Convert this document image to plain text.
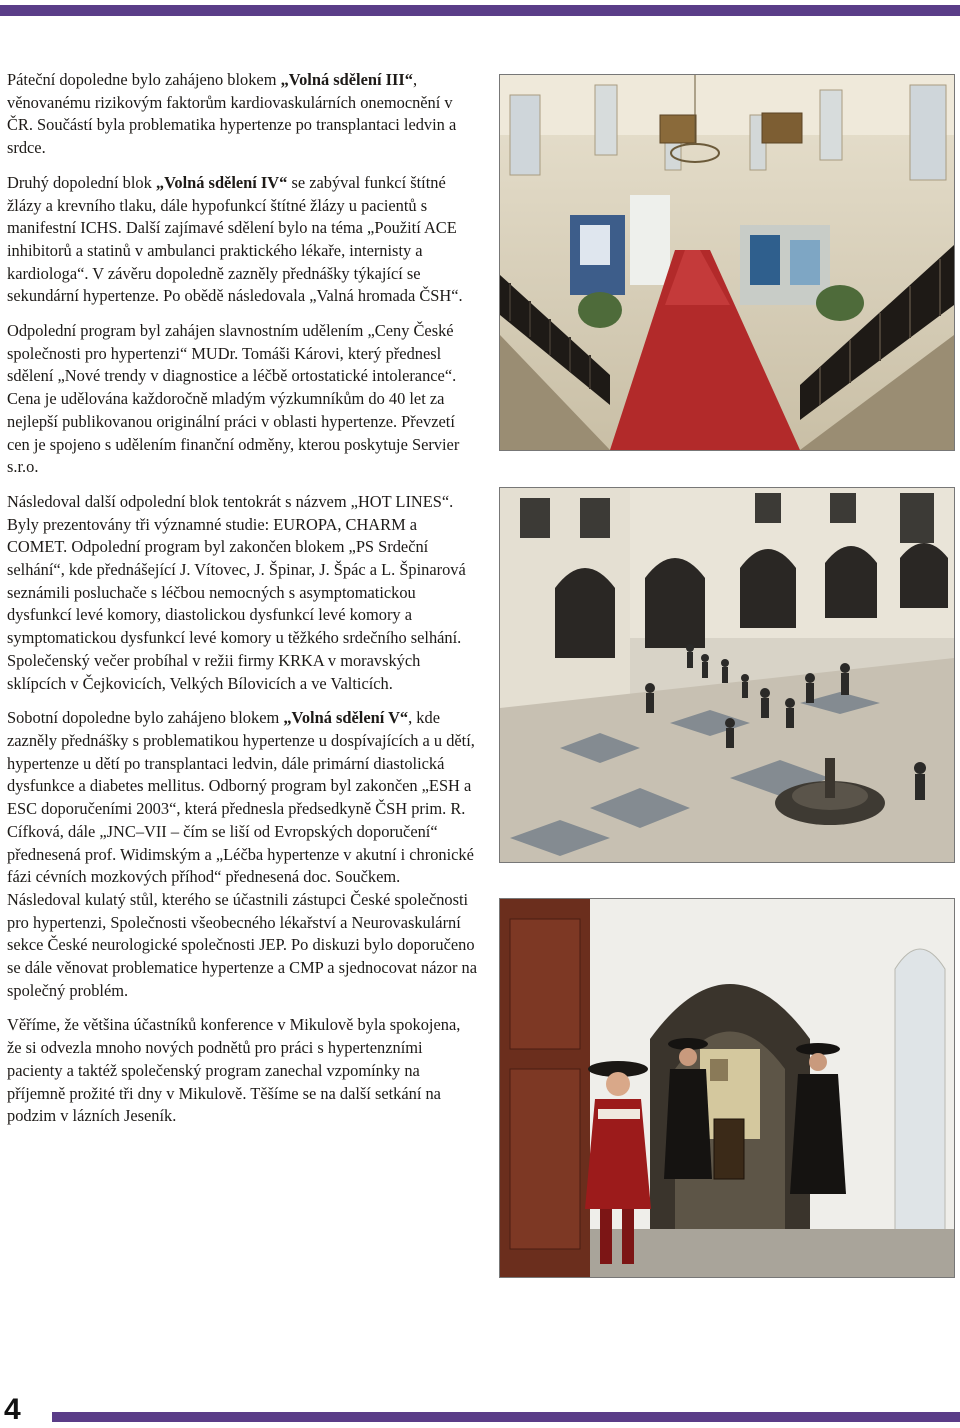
Páteční dopoledne bylo zahájeno blokem „Volná sdělení III“, věnovanému rizikovým faktorům kardiovaskulárních onemocnění v ČR. Součástí byla problematika hypertenze po transplantaci ledvin a srdce.

Druhý dopolední blok „Volná sdělení IV“ se zabýval funkcí štítné žlázy a krevního tlaku, dále hypofunkcí štítné žlázy u pacientů s manifestní ICHS. Další zajímavé sdělení bylo na téma „Použití ACE inhibitorů a statinů v ambulanci praktického lékaře, internisty a kardiologa“. V závěru dopoledně zazněly přednášky týkající se sekundární hypertenze. Po obědě následovala „Valná hromada ČSH“.

Odpolední program byl zahájen slavnostním udělením „Ceny České společnosti pro hypertenzi“ MUDr. Tomáši Károvi, který přednesl sdělení „Nové trendy v diagnostice a léčbě ortostatické intolerance“. Cena je udělována každoročně mladým výzkumníkům do 40 let za nejlepší publikovanou originální práci v oblasti hypertenze. Převzetí cen je spojeno s udělením finanční odměny, kterou poskytuje Servier s.r.o.

Následoval další odpolední blok tentokrát s názvem „HOT LINES“. Byly prezentovány tři významné studie: EUROPA, CHARM a COMET. Odpolední program byl zakončen blokem „PS Srdeční selhání“, kde přednášející J. Vítovec, J. Špinar, J. Špác a L. Špinarová seznámili posluchače s léčbou nemocných s asymptomatickou dysfunkcí levé komory, diastolickou dysfunkcí levé komory a symptomatickou dysfunkcí levé komory u těžkého srdečního selhání. Společenský večer probíhal v režii firmy KRKA v moravských sklípcích v Čejkovicích, Velkých Bílovicích a ve Valticích.

Sobotní dopoledne bylo zahájeno blokem „Volná sdělení V“, kde zazněly přednášky s problematikou hypertenze u dospívajících a u dětí, hypertenze u dětí po transplantaci ledvin, dále primární diastolická dysfunkce a diabetes mellitus. Odborný program byl zakončen „ESH a ESC doporučeními 2003“, která přednesla předsedkyně ČSH prim. R. Cífková, dále „JNC–VII – čím se liší od Evropských doporučení“ přednesená prof. Widimským a „Léčba hypertenze v akutní i chronické fázi cévních mozkových příhod“ přednesená doc. Součkem. Následoval kulatý stůl, kterého se účastnili zástupci České společnosti pro hypertenzi, Společnosti všeobecného lékařství a Neurovaskulární sekce České neurologické společnosti JEP. Po diskuzi bylo doporučeno se dále věnovat problematice hypertenze a CMP a sjednocovat názor na společný problém.

Věříme, že většina účastníků konference v Mikulově byla spokojena, že si odvezla mnoho nových podnětů pro práci s hypertenzními pacienty a taktéž společenský program zanechal vzpomínky na příjemně prožité tři dny v Mikulově. Těšíme se na další setkání na podzim v lázních Jeseník.

4
